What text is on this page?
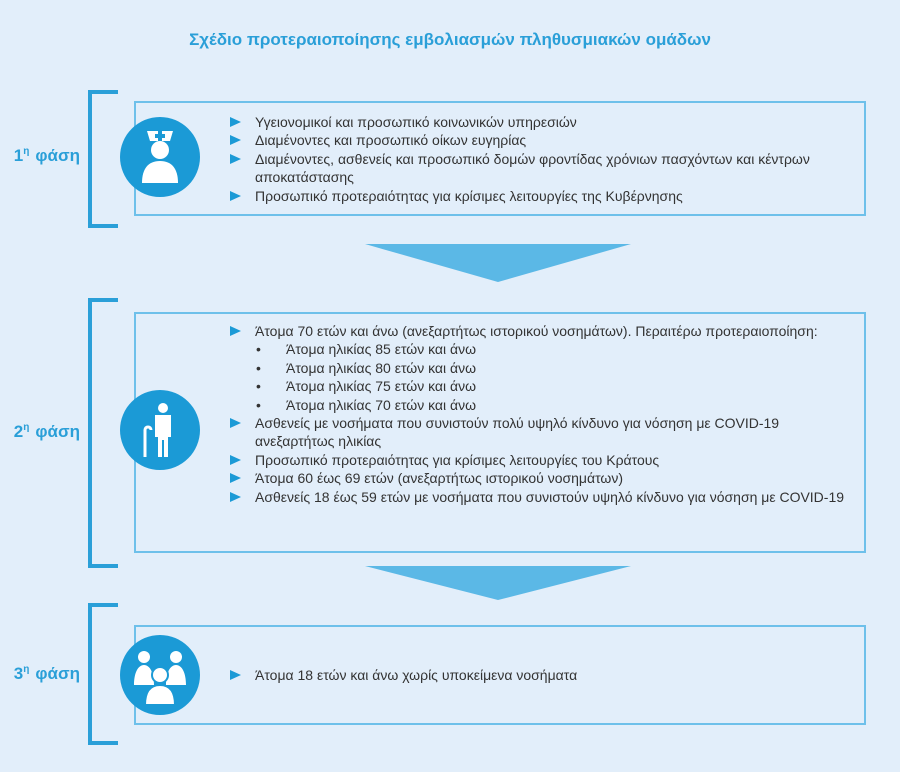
Σχέδιο προτεραιοποίησης εμβολιασμών πληθυσμιακών ομάδων
$1^\eta$ φάση
Υγειονομικοί και προσωπικό κοινωνικών υπηρεσιών
Διαμένοντες και προσωπικό οίκων ευγηρίας
Διαμένοντες, ασθενείς και προσωπικό δομών φροντίδας χρόνιων πασχόντων και κέντρων αποκατάστασης
Προσωπικό προτεραιότητας για κρίσιμες λειτουργίες της Κυβέρνησης
$2^\eta$ φάση
Άτομα 70 ετών και άνω (ανεξαρτήτως ιστορικού νοσημάτων). Περαιτέρω προτεραιοποίηση:
• Άτομα ηλικίας 85 ετών και άνω
• Άτομα ηλικίας 80 ετών και άνω
• Άτομα ηλικίας 75 ετών και άνω
• Άτομα ηλικίας 70 ετών και άνω
Ασθενείς με νοσήματα που συνιστούν πολύ υψηλό κίνδυνο για νόσηση με COVID-19 ανεξαρτήτως ηλικίας
Προσωπικό προτεραιότητας για κρίσιμες λειτουργίες του Κράτους
Άτομα 60 έως 69 ετών (ανεξαρτήτως ιστορικού νοσημάτων)
Ασθενείς 18 έως 59 ετών με νοσήματα που συνιστούν υψηλό κίνδυνο για νόσηση με COVID-19
$3^\eta$ φάση	Άτομα 18 ετών και άνω χωρίς υποκείμενα νοσήματα
